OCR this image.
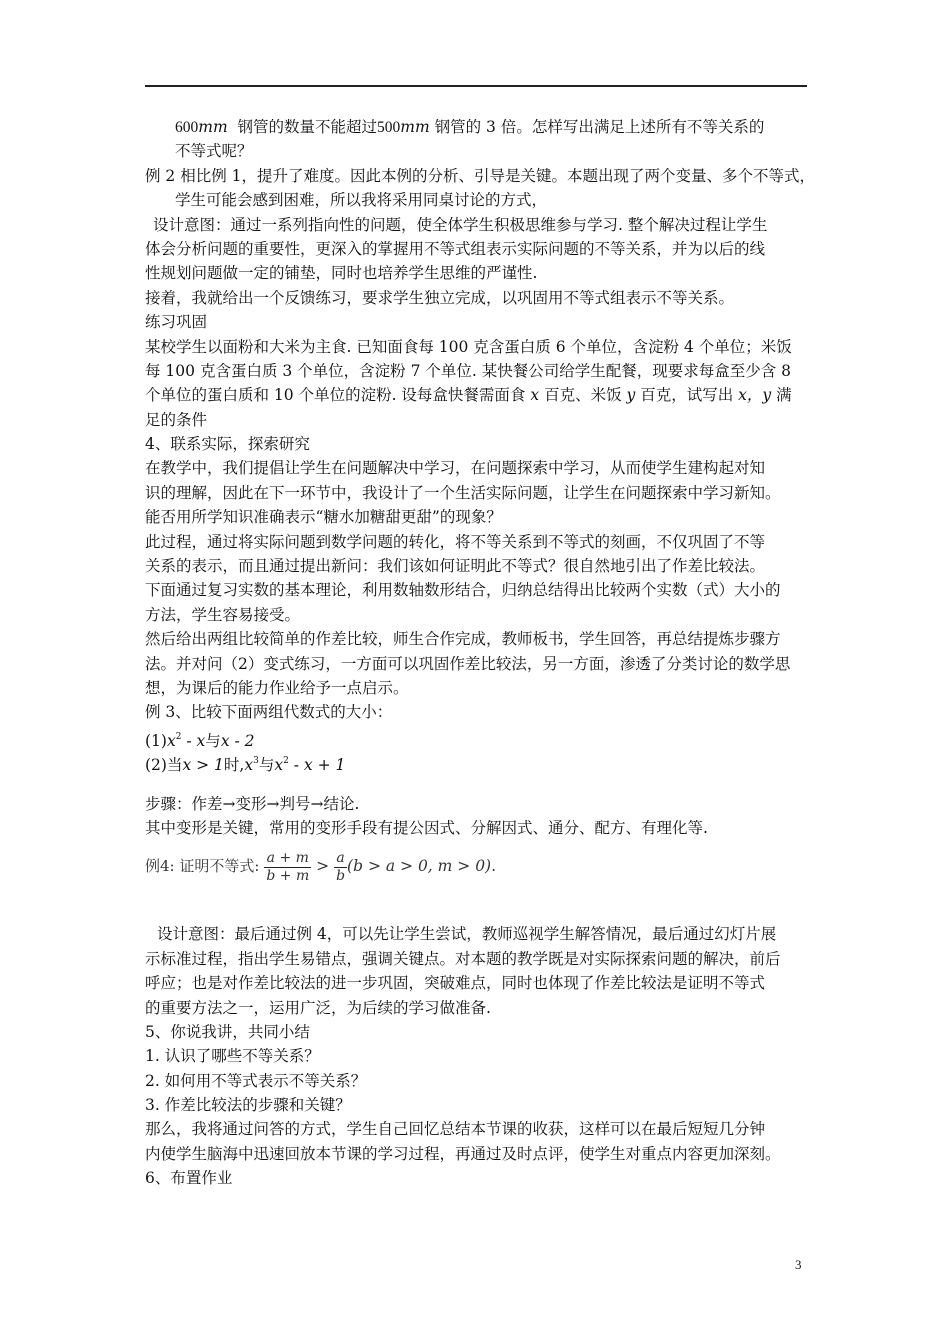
600mm 钢管的数量不能超过500mm 钢管的 3 倍。怎样写出满足上述所有不等关系的
不等式呢？
例 2 相比例 1，提升了难度。因此本例的分析、引导是关键。本题出现了两个变量、多个不等式，
学生可能会感到困难，所以我将采用同桌讨论的方式，
设计意图：通过一系列指向性的问题，使全体学生积极思维参与学习. 整个解决过程让学生
体会分析问题的重要性，更深入的掌握用不等式组表示实际问题的不等关系，并为以后的线
性规划问题做一定的铺垫，同时也培养学生思维的严谨性.
接着，我就给出一个反馈练习，要求学生独立完成，以巩固用不等式组表示不等关系。
练习巩固
某校学生以面粉和大米为主食. 已知面食每 100 克含蛋白质 6 个单位，含淀粉 4 个单位；米饭
每 100 克含蛋白质 3 个单位，含淀粉 7 个单位. 某快餐公司给学生配餐，现要求每盒至少含 8
个单位的蛋白质和 10 个单位的淀粉. 设每盒快餐需面食 x 百克、米饭 y 百克，试写出 x，y 满
足的条件
4、联系实际，探索研究
在教学中，我们提倡让学生在问题解决中学习，在问题探索中学习，从而使学生建构起对知
识的理解，因此在下一环节中，我设计了一个生活实际问题，让学生在问题探索中学习新知。
能否用所学知识准确表示“糖水加糖甜更甜”的现象？
此过程，通过将实际问题到数学问题的转化，将不等关系到不等式的刻画，不仅巩固了不等
关系的表示，而且通过提出新问：我们该如何证明此不等式？很自然地引出了作差比较法。
下面通过复习实数的基本理论，利用数轴数形结合，归纳总结得出比较两个实数（式）大小的
方法，学生容易接受。
然后给出两组比较简单的作差比较，师生合作完成，教师板书，学生回答，再总结提炼步骤方
法。并对问（2）变式练习，一方面可以巩固作差比较法，另一方面，渗透了分类讨论的数学思
想，为课后的能力作业给予一点启示。
例 3、比较下面两组代数式的大小：
$(1)x^2$ - x与x - 2
(2)当x > 1时$,x^3$与$x^2 - x + 1$
步骤：作差→变形→判号→结论.
其中变形是关键，常用的变形手段有提公因式、分解因式、通分、配方、有理化等.
例4: 证明不等式: $\frac{a + m}{b + m} > \frac{a}{b} (b > a > 0$, m > 0).
设计意图：最后通过例 4，可以先让学生尝试，教师巡视学生解答情况，最后通过幻灯片展
示标准过程，指出学生易错点，强调关键点。对本题的教学既是对实际探索问题的解决，前后
呼应；也是对作差比较法的进一步巩固，突破难点，同时也体现了作差比较法是证明不等式
的重要方法之一，运用广泛，为后续的学习做准备.
5、你说我讲，共同小结
1. 认识了哪些不等关系？
2. 如何用不等式表示不等关系？
3. 作差比较法的步骤和关键？
那么，我将通过问答的方式，学生自己回忆总结本节课的收获，这样可以在最后短短几分钟
内使学生脑海中迅速回放本节课的学习过程，再通过及时点评，使学生对重点内容更加深刻。
6、布置作业
3
